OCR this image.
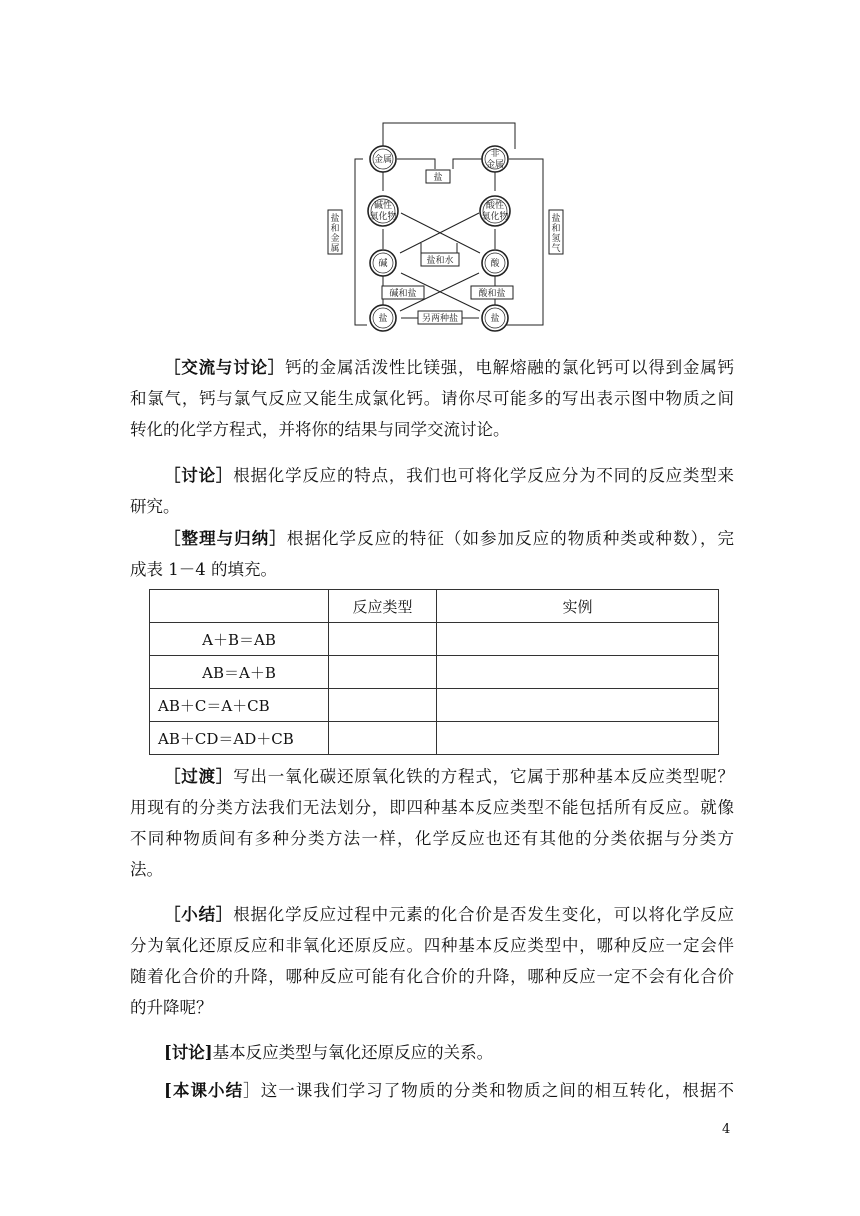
金属
非
金属
碱性
氧化物
酸性
氧化物
碱	酸
盐	盐
盐
盐和水
碱和盐	酸和盐
另两种盐
盐
和
金
属
盐
和
氢
气
［交流与讨论］钙的金属活泼性比镁强，电解熔融的氯化钙可以得到金属钙
和氯气，钙与氯气反应又能生成氯化钙。请你尽可能多的写出表示图中物质之间
转化的化学方程式，并将你的结果与同学交流讨论。
［讨论］根据化学反应的特点，我们也可将化学反应分为不同的反应类型来
研究。
［整理与归纳］根据化学反应的特征（如参加反应的物质种类或种数），完
成表 1－4 的填充。
	反应类型	实例
A＋B＝AB		
AB＝A＋B		
AB＋C＝A＋CB		
AB＋CD＝AD＋CB		
［过渡］写出一氧化碳还原氧化铁的方程式，它属于那种基本反应类型呢？
用现有的分类方法我们无法划分，即四种基本反应类型不能包括所有反应。就像
不同种物质间有多种分类方法一样，化学反应也还有其他的分类依据与分类方
法。
［小结］根据化学反应过程中元素的化合价是否发生变化，可以将化学反应
分为氧化还原反应和非氧化还原反应。四种基本反应类型中，哪种反应一定会伴
随着化合价的升降，哪种反应可能有化合价的升降，哪种反应一定不会有化合价
的升降呢？
[讨论]基本反应类型与氧化还原反应的关系。
[本课小结］这一课我们学习了物质的分类和物质之间的相互转化，根据不
4
